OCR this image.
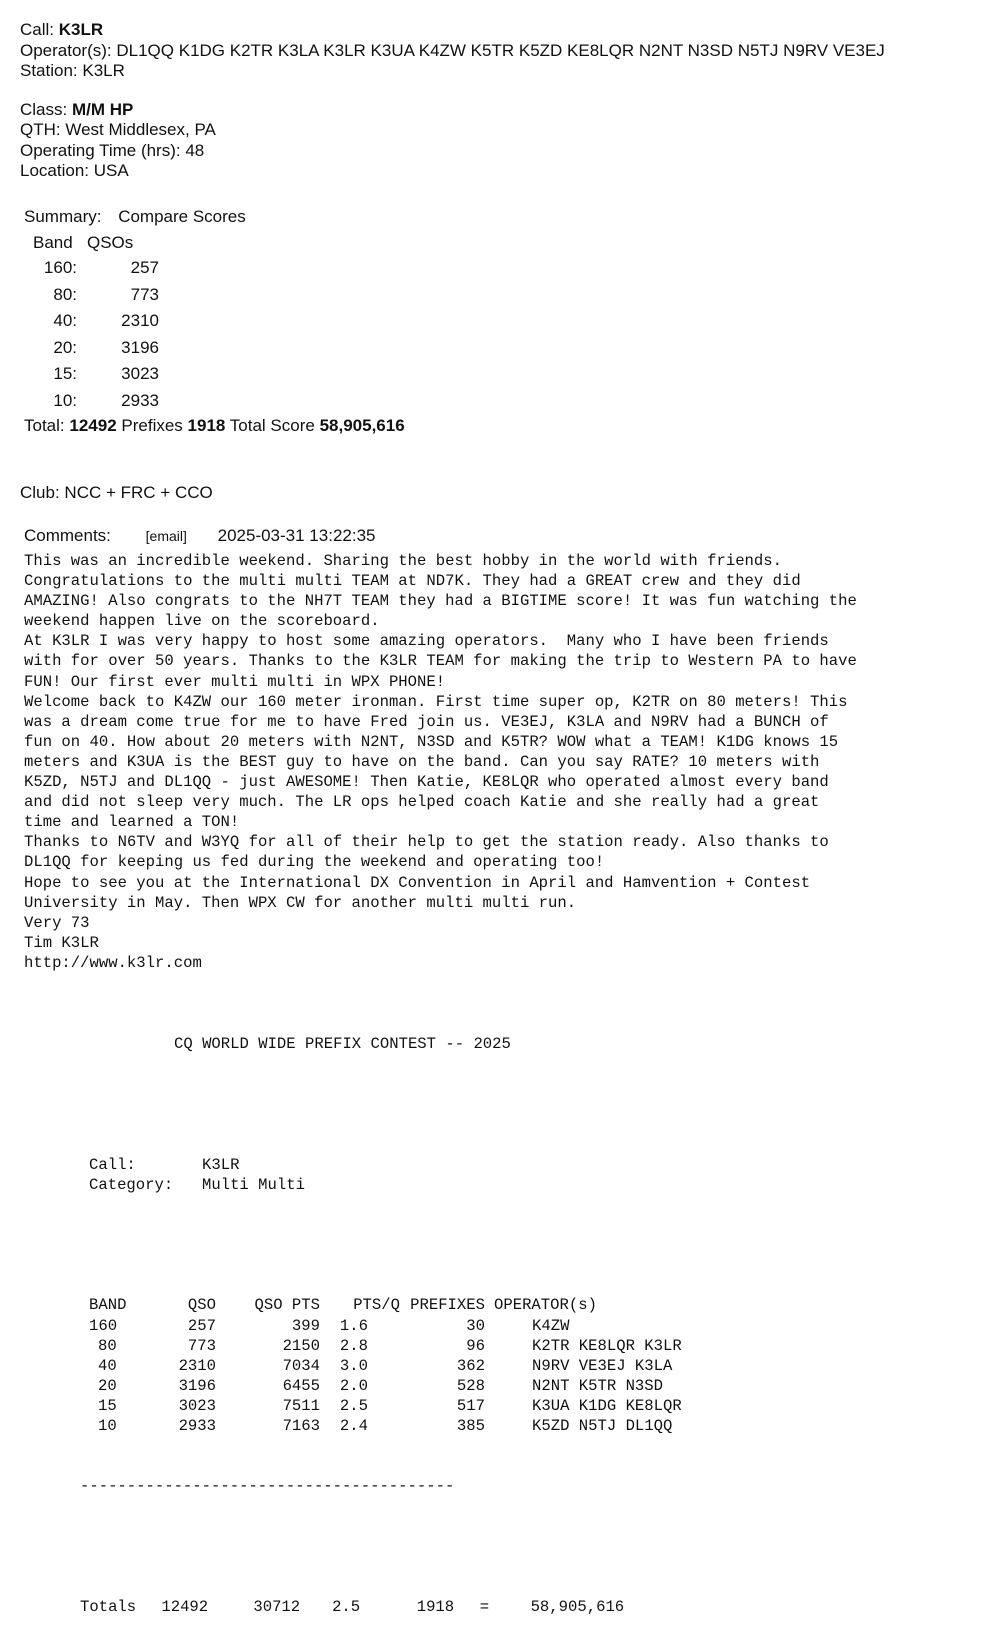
Call: K3LR
Operator(s): DL1QQ K1DG K2TR K3LA K3LR K3UA K4ZW K5TR K5ZD KE8LQR N2NT N3SD N5TJ N9RV VE3EJ
Station: K3LR
Class: M/M HP
QTH: West Middlesex, PA
Operating Time (hrs): 48
Location: USA
Summary: Compare Scores
Band	QSOs
160:	257
80:	773
40:	2310
20:	3196
15:	3023
10:	2933
Total: 12492 Prefixes 1918 Total Score 58,905,616
Club: NCC + FRC + CCO
Comments: [email] 2025-03-31 13:22:35
This was an incredible weekend. Sharing the best hobby in the world with friends.
Congratulations to the multi multi TEAM at ND7K. They had a GREAT crew and they did
AMAZING! Also congrats to the NH7T TEAM they had a BIGTIME score! It was fun watching the
weekend happen live on the scoreboard.
At K3LR I was very happy to host some amazing operators.  Many who I have been friends
with for over 50 years. Thanks to the K3LR TEAM for making the trip to Western PA to have
FUN! Our first ever multi multi in WPX PHONE!
Welcome back to K4ZW our 160 meter ironman. First time super op, K2TR on 80 meters! This
was a dream come true for me to have Fred join us. VE3EJ, K3LA and N9RV had a BUNCH of
fun on 40. How about 20 meters with N2NT, N3SD and K5TR? WOW what a TEAM! K1DG knows 15
meters and K3UA is the BEST guy to have on the band. Can you say RATE? 10 meters with
K5ZD, N5TJ and DL1QQ - just AWESOME! Then Katie, KE8LQR who operated almost every band
and did not sleep very much. The LR ops helped coach Katie and she really had a great
time and learned a TON!
Thanks to N6TV and W3YQ for all of their help to get the station ready. Also thanks to
DL1QQ for keeping us fed during the weekend and operating too!
Hope to see you at the International DX Convention in April and Hamvention + Contest
University in May. Then WPX CW for another multi multi run.
Very 73
Tim K3LR
http://www.k3lr.com

CQ WORLD WIDE PREFIX CONTEST -- 2025

Call:	K3LR
Category:	Multi Multi

BAND	QSO	QSO PTS	PTS/Q	PREFIXES	OPERATOR(s)
160	257	399	1.6	30	K4ZW
80	773	2150	2.8	96	K2TR KE8LQR K3LR
40	2310	7034	3.0	362	N9RV VE3EJ K3LA
20	3196	6455	2.0	528	N2NT K5TR N3SD
15	3023	7511	2.5	517	K3UA K1DG KE8LQR
10	2933	7163	2.4	385	K5ZD N5TJ DL1QQ

----------------------------------------

Totals 12492	30712 2.5	1918 =	58,905,616
